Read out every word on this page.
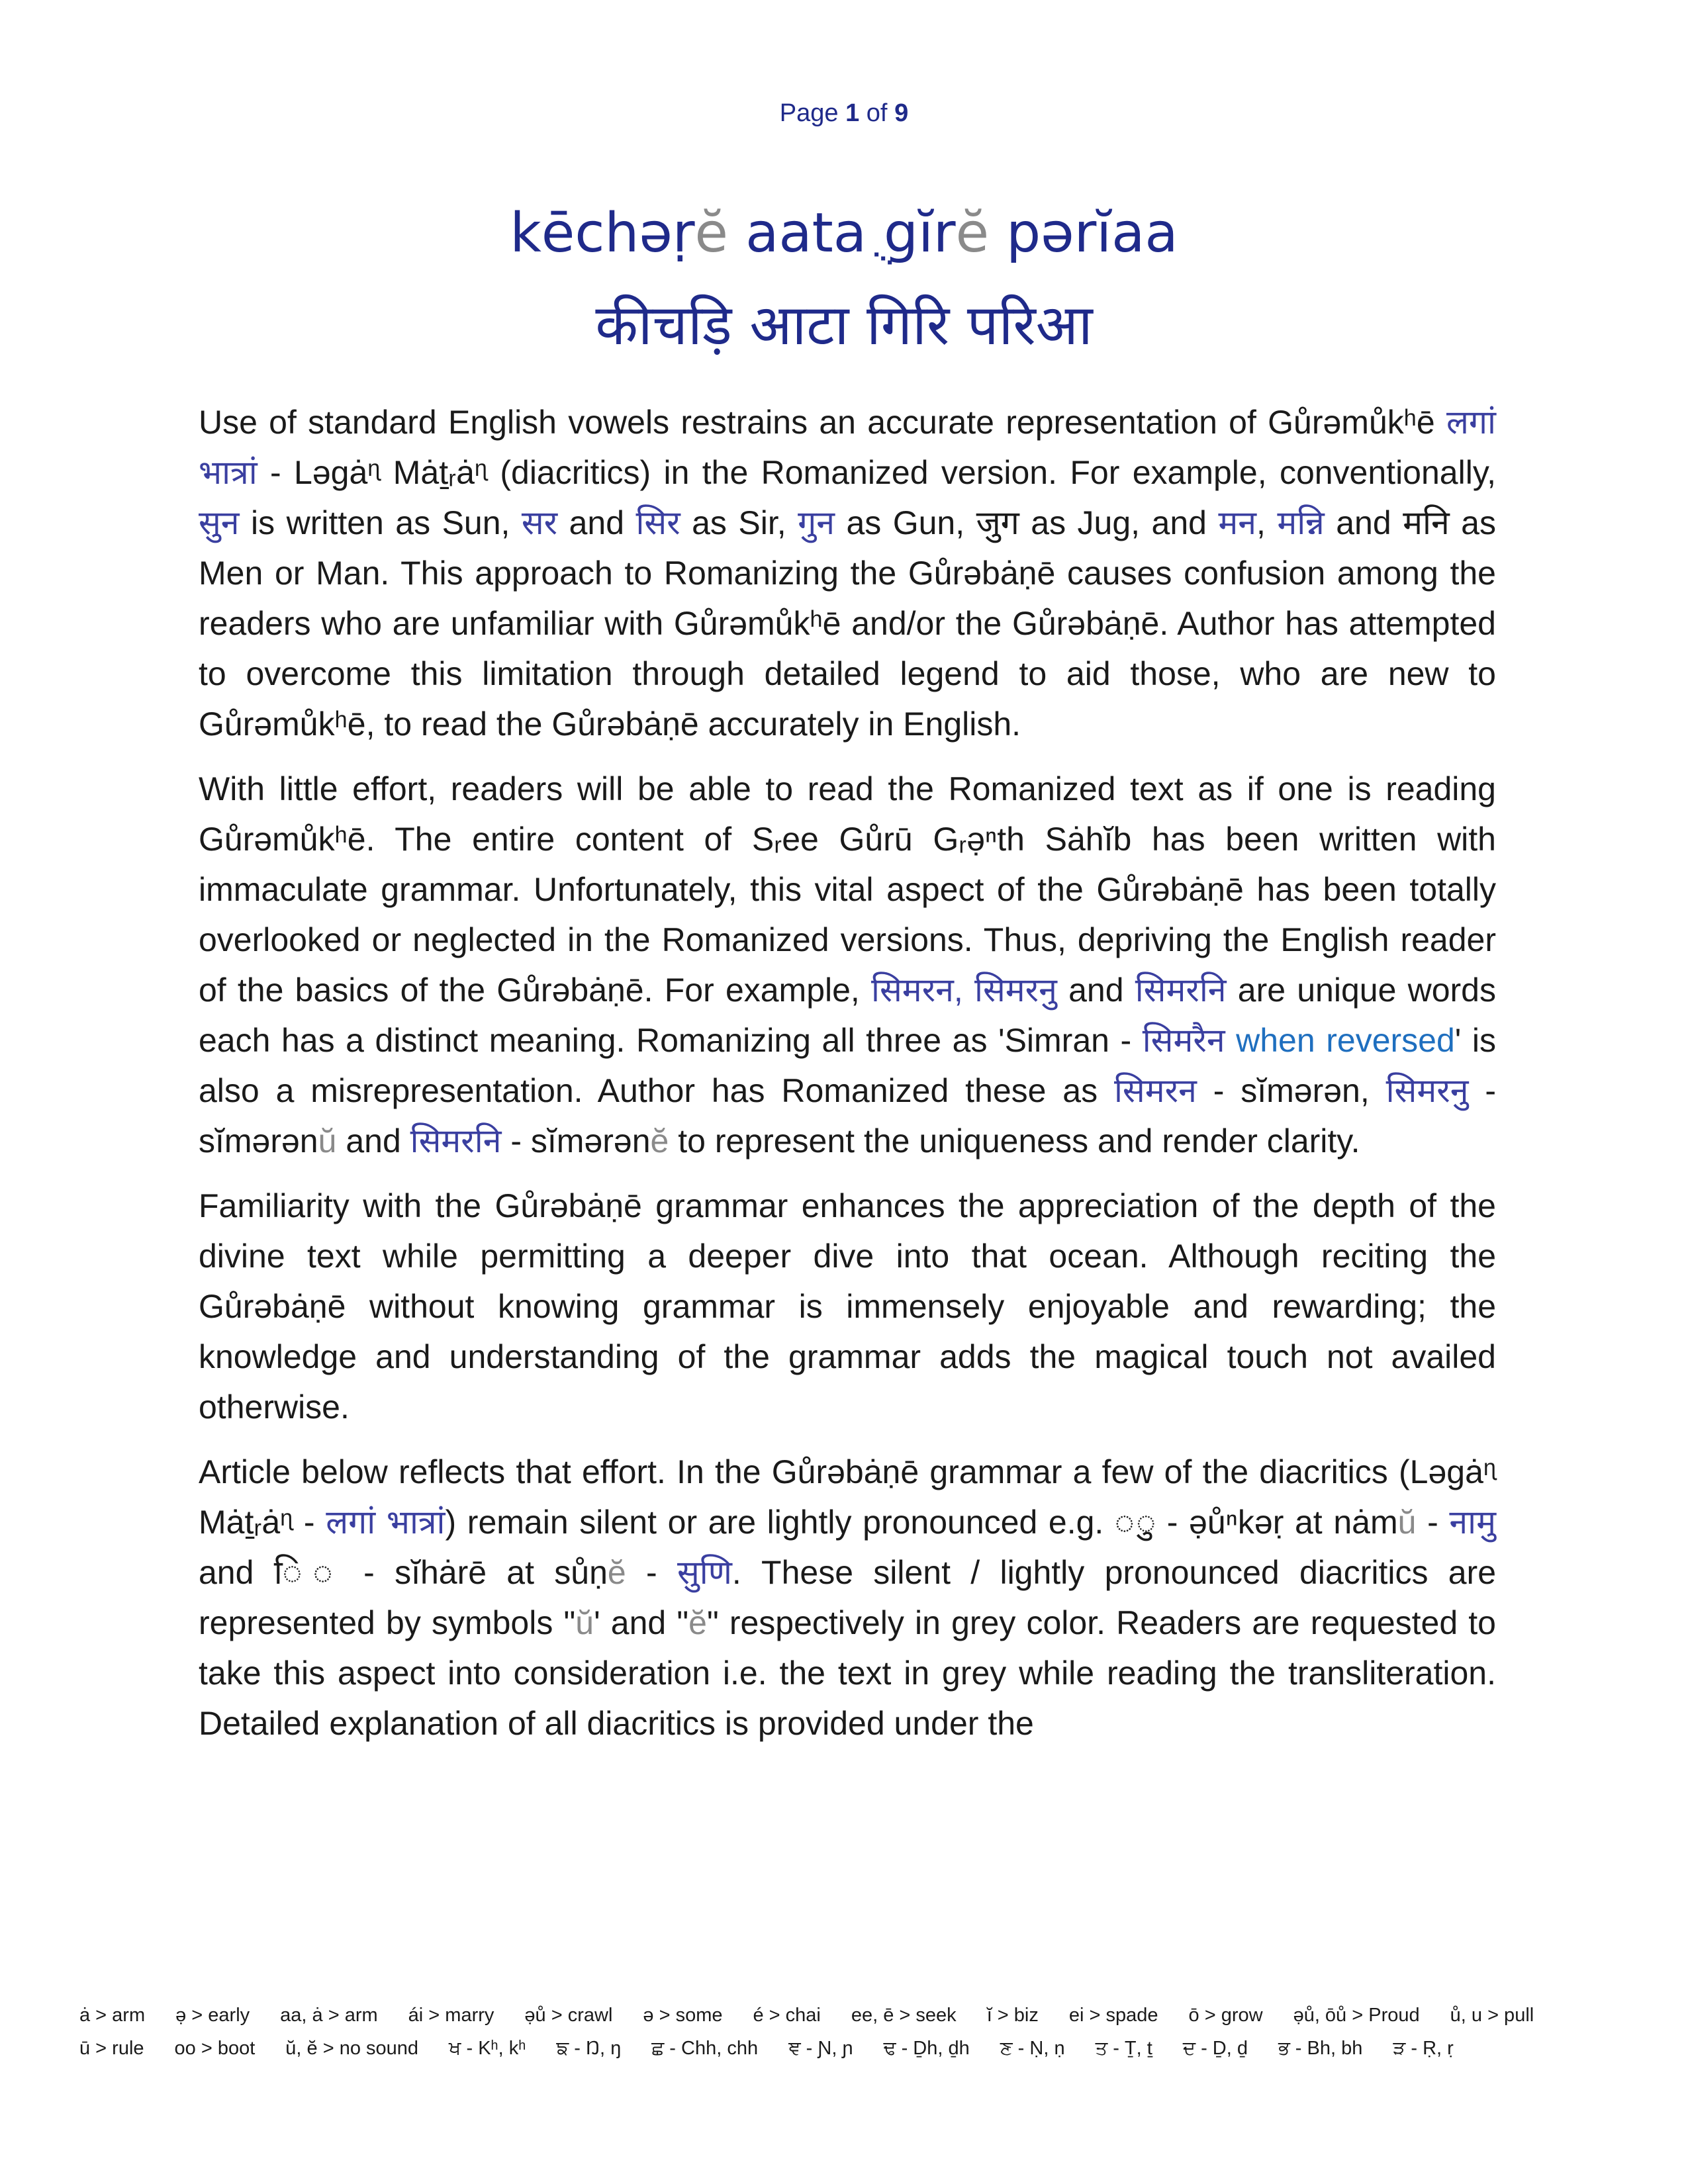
Page 1 of 9
kēchəṛĕ aataֻ gĭrĕ pərĭaa
कीचड़ि आटा गिरि परिआ

Use of standard English vowels restrains an accurate representation of Gůrəmůkʰē लगां भात्रां - Ləgȧᶯ Mȧṯᵣȧᶯ (diacritics) in the Romanized version. For example, conventionally, सुन is written as Sun, सर and सिर as Sir, गुन as Gun, जुग as Jug, and मन, मन्नि and मनि as Men or Man. This approach to Romanizing the Gůrəbȧṇē causes confusion among the readers who are unfamiliar with Gůrəmůkʰē and/or the Gůrəbȧṇē. Author has attempted to overcome this limitation through detailed legend to aid those, who are new to Gůrəmůkʰē, to read the Gůrəbȧṇē accurately in English.

With little effort, readers will be able to read the Romanized text as if one is reading Gůrəmůkʰē. The entire content of Sᵣee Gůrū Gᵣə̣ⁿth Sȧhĭb has been written with immaculate grammar. Unfortunately, this vital aspect of the Gůrəbȧṇē has been totally overlooked or neglected in the Romanized versions. Thus, depriving the English reader of the basics of the Gůrəbȧṇē. For example, सिमरन, सिमरनु and सिमरनि are unique words each has a distinct meaning. Romanizing all three as 'Simran - सिमरैन when reversed' is also a misrepresentation. Author has Romanized these as सिमरन - sĭmərən, सिमरनु - sĭmərənŭ and सिमरनि - sĭmərənĕ to represent the uniqueness and render clarity.

Familiarity with the Gůrəbȧṇē grammar enhances the appreciation of the depth of the divine text while permitting a deeper dive into that ocean. Although reciting the Gůrəbȧṇē without knowing grammar is immensely enjoyable and rewarding; the knowledge and understanding of the grammar adds the magical touch not availed otherwise.

Article below reflects that effort. In the Gůrəbȧṇē grammar a few of the diacritics (Ləgȧᶯ Mȧṯᵣȧᶯ - लगां भात्रां) remain silent or are lightly pronounced e.g. ◌ु - ə̣ůⁿkəṛ at nȧmŭ - नामु and ि◌ - sĭhȧrē at sůṇĕ - सुणि. These silent / lightly pronounced diacritics are represented by symbols "ŭ' and "ĕ" respectively in grey color. Readers are requested to take this aspect into consideration i.e. the text in grey while reading the transliteration. Detailed explanation of all diacritics is provided under the

ȧ > arm ə̣ > early aa, ȧ > arm ái > marry ə̣ů > crawl ə > some é > chai ee, ē > seek ĭ > biz ei > spade ō > grow ə̣ů, ōů > Proud ů, u > pull
ū > rule oo > boot ŭ, ĕ > no sound ਖ - Kʰ, kʰ ਙ - Ŋ, ŋ ਛ - Chh, chh ਞ - Ɲ, ɲ ਢ - Ḏh, ḏh ਣ - Ṇ, ṇ ਤ - Ṯ, ṯ ਦ - Ḏ, ḏ ਭ - Bh, bh ੜ - Ṛ, ṛ
